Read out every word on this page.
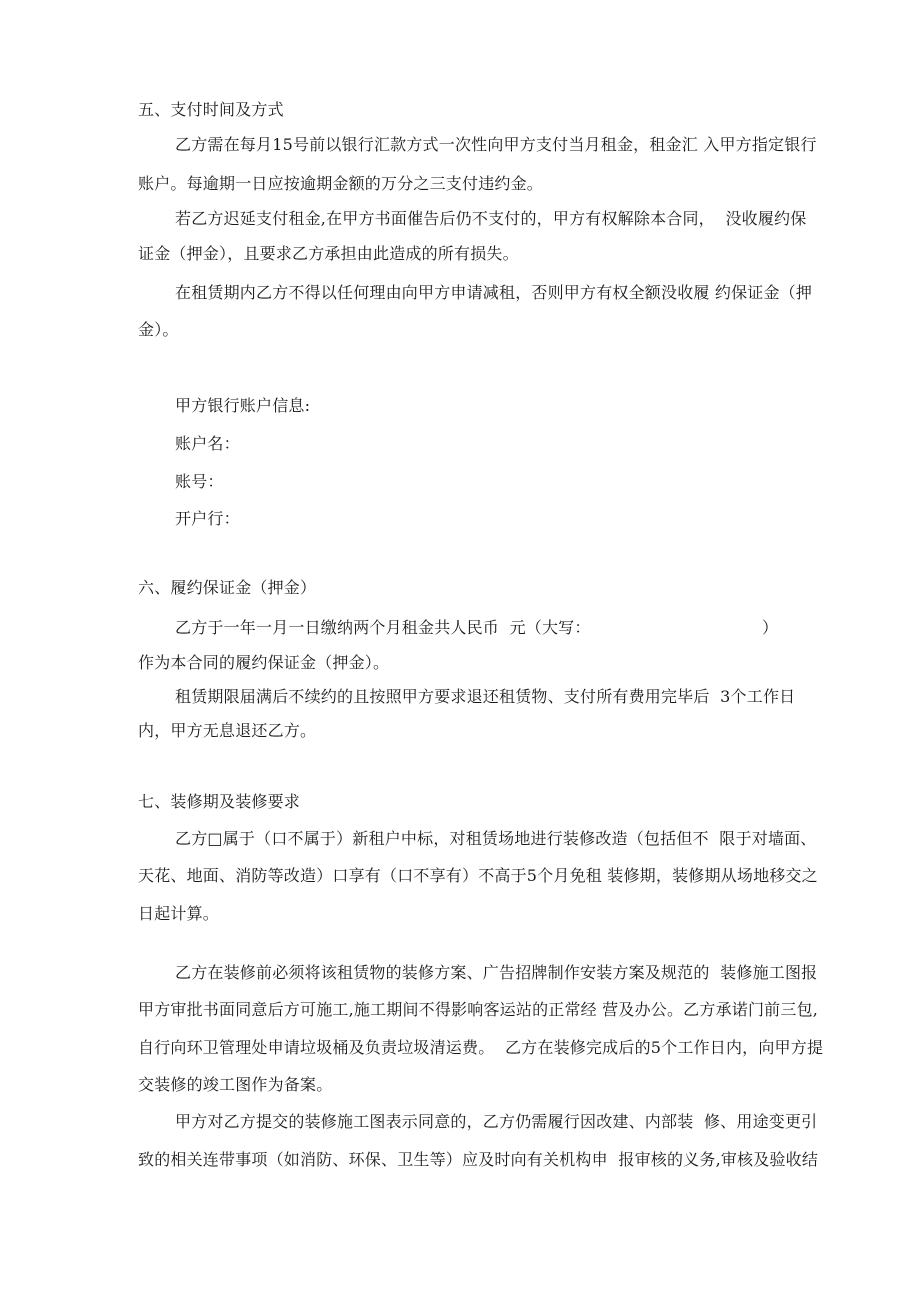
五、支付时间及方式
乙方需在每月15号前以银行汇款方式一次性向甲方支付当月租金，租金汇 入甲方指定银行
账户。每逾期一日应按逾期金额的万分之三支付违约金。
若乙方迟延支付租金,在甲方书面催告后仍不支付的，甲方有权解除本合同，  没收履约保
证金（押金），且要求乙方承担由此造成的所有损失。
在租赁期内乙方不得以任何理由向甲方申请减租，否则甲方有权全额没收履 约保证金（押
金）。
甲方银行账户信息:
账户名：
账号：
开户行：
六、履约保证金（押金）
乙方于一年一月一日缴纳两个月租金共人民币  元（大写：	）
作为本合同的履约保证金（押金）。
租赁期限届满后不续约的且按照甲方要求退还租赁物、支付所有费用完毕后  3个工作日
内，甲方无息退还乙方。
七、装修期及装修要求
乙方□属于（口不属于）新租户中标，对租赁场地进行装修改造（包括但不  限于对墙面、
天花、地面、消防等改造）口享有（口不享有）不高于5个月免租 装修期，装修期从场地移交之
日起计算。
乙方在装修前必须将该租赁物的装修方案、广告招牌制作安装方案及规范的  装修施工图报
甲方审批书面同意后方可施工,施工期间不得影响客运站的正常经 营及办公。乙方承诺门前三包,
自行向环卫管理处申请垃圾桶及负责垃圾清运费。  乙方在装修完成后的5个工作日内，向甲方提
交装修的竣工图作为备案。
甲方对乙方提交的装修施工图表示同意的，乙方仍需履行因改建、内部装  修、用途变更引
致的相关连带事项（如消防、环保、卫生等）应及时向有关机构申  报审核的义务,审核及验收结
